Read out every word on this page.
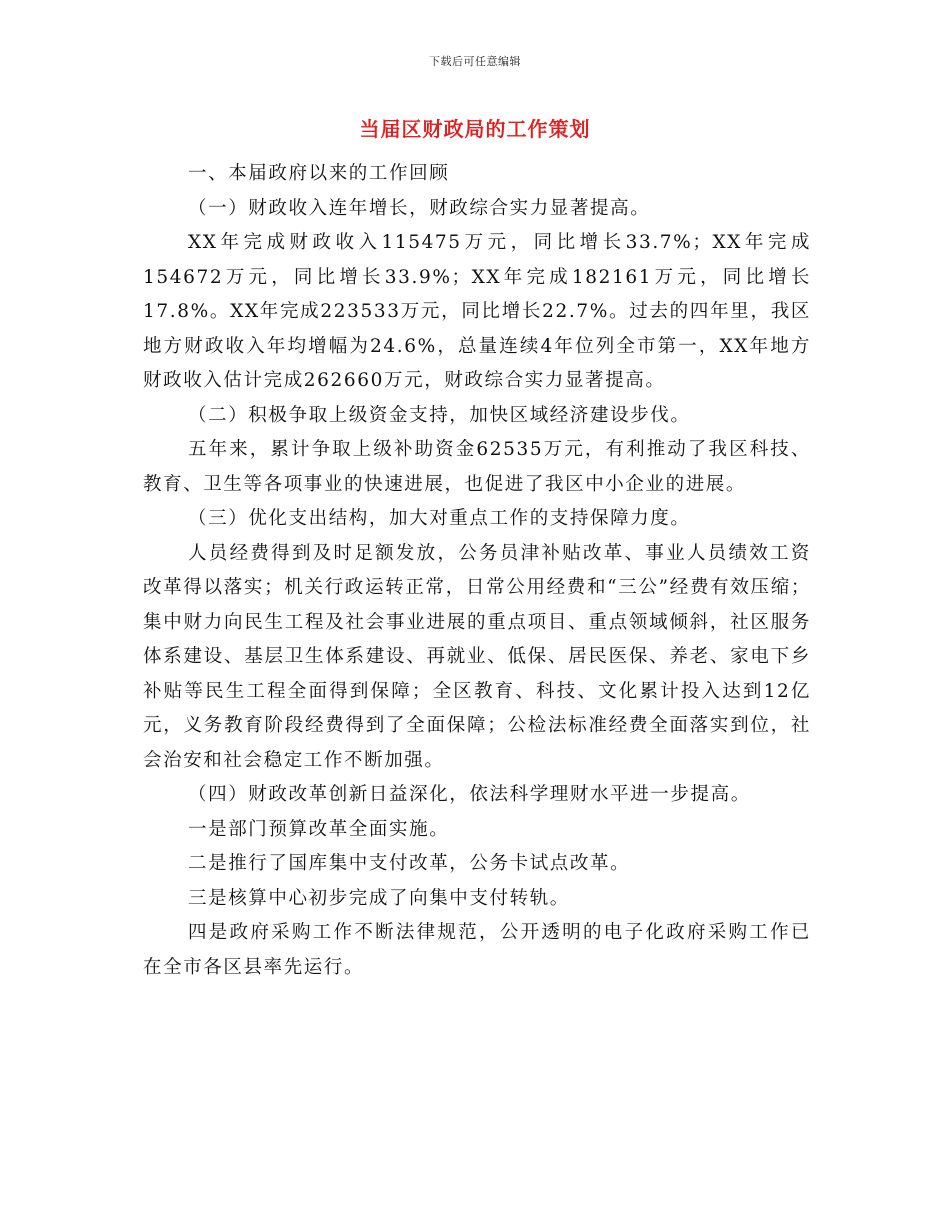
下载后可任意编辑
当届区财政局的工作策划

一、本届政府以来的工作回顾

（一）财政收入连年增长，财政综合实力显著提高。

XX年完成财政收入115475万元，同比增长33.7%；XX年完成154672万元，同比增长33.9%；XX年完成182161万元，同比增长17.8%。XX年完成223533万元，同比增长22.7%。过去的四年里，我区地方财政收入年均增幅为24.6%，总量连续4年位列全市第一，XX年地方财政收入估计完成262660万元，财政综合实力显著提高。

（二）积极争取上级资金支持，加快区域经济建设步伐。

五年来，累计争取上级补助资金62535万元，有利推动了我区科技、教育、卫生等各项事业的快速进展，也促进了我区中小企业的进展。

（三）优化支出结构，加大对重点工作的支持保障力度。

人员经费得到及时足额发放，公务员津补贴改革、事业人员绩效工资改革得以落实；机关行政运转正常，日常公用经费和“三公”经费有效压缩；集中财力向民生工程及社会事业进展的重点项目、重点领域倾斜，社区服务体系建设、基层卫生体系建设、再就业、低保、居民医保、养老、家电下乡补贴等民生工程全面得到保障；全区教育、科技、文化累计投入达到12亿元，义务教育阶段经费得到了全面保障；公检法标准经费全面落实到位，社会治安和社会稳定工作不断加强。

（四）财政改革创新日益深化，依法科学理财水平进一步提高。

一是部门预算改革全面实施。

二是推行了国库集中支付改革，公务卡试点改革。

三是核算中心初步完成了向集中支付转轨。

四是政府采购工作不断法律规范，公开透明的电子化政府采购工作已在全市各区县率先运行。
